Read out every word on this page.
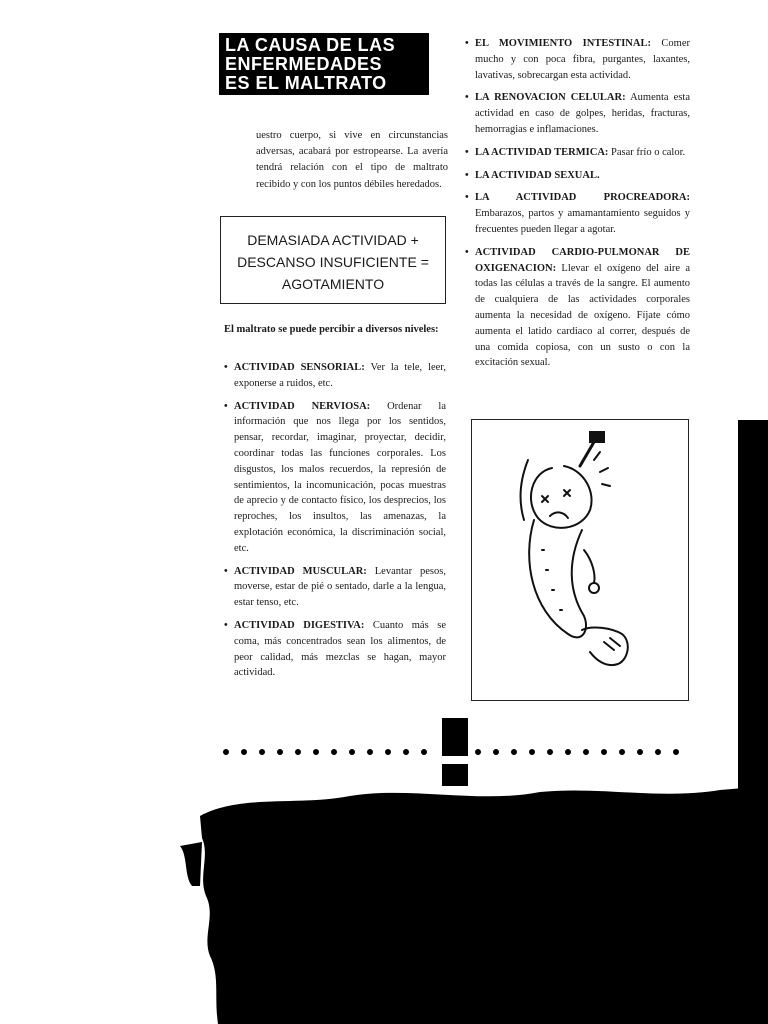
LA CAUSA DE LAS
ENFERMEDADES
ES EL MALTRATO
uestro cuerpo, si vive en circunstancias adversas, acabará por estropearse. La avería tendrá relación con el tipo de maltrato recibido y con los puntos débiles heredados.
DEMASIADA ACTIVIDAD +
DESCANSO INSUFICIENTE =
AGOTAMIENTO
El maltrato se puede percibir a diversos niveles:
• ACTIVIDAD SENSORIAL: Ver la tele, leer, exponerse a ruidos, etc.
• ACTIVIDAD NERVIOSA: Ordenar la información que nos llega por los sentidos, pensar, recordar, imaginar, proyectar, decidir, coordinar todas las funciones corporales. Los disgustos, los malos recuerdos, la represión de sentimientos, la incomunicación, pocas muestras de aprecio y de contacto físico, los desprecios, los reproches, los insultos, las amenazas, la explotación económica, la discriminación social, etc.
• ACTIVIDAD MUSCULAR: Levantar pesos, moverse, estar de pié o sentado, darle a la lengua, estar tenso, etc.
• ACTIVIDAD DIGESTIVA: Cuanto más se coma, más concentrados sean los alimentos, de peor calidad, más mezclas se hagan, mayor actividad.
• EL MOVIMIENTO INTESTINAL: Comer mucho y con poca fibra, purgantes, laxantes, lavativas, sobrecargan esta actividad.
• LA RENOVACION CELULAR: Aumenta esta actividad en caso de golpes, heridas, fracturas, hemorragias e inflamaciones.
• LA ACTIVIDAD TERMICA: Pasar frío o calor.
• LA ACTIVIDAD SEXUAL.
• LA ACTIVIDAD PROCREADORA: Embarazos, partos y amamantamiento seguidos y frecuentes pueden llegar a agotar.
• ACTIVIDAD CARDIO-PULMONAR DE OXIGENACION: Llevar el oxígeno del aire a todas las células a través de la sangre. El aumento de cualquiera de las actividades corporales aumenta la necesidad de oxígeno. Fíjate cómo aumenta el latido cardiaco al correr, después de una comida copiosa, con un susto o con la excitación sexual.
